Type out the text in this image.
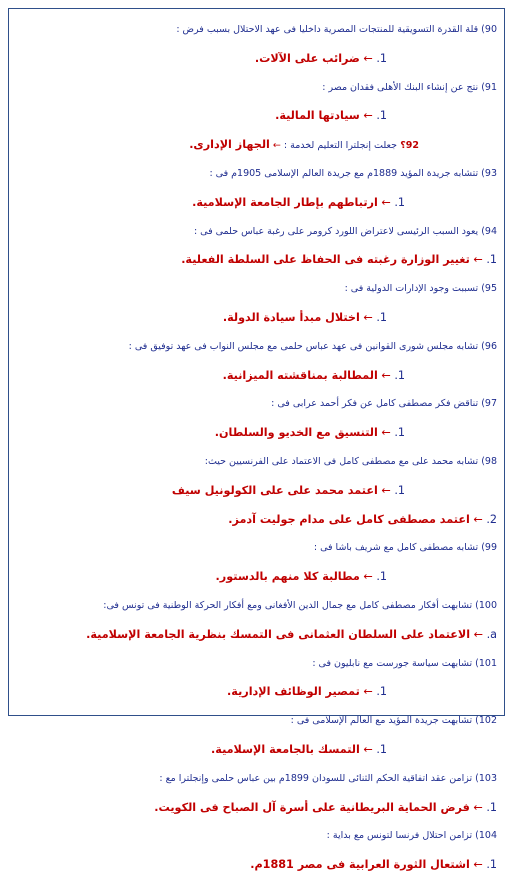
90) قلة القدرة التسويقية للمنتجات المصرية داخليا فى عهد الاحتلال بسبب فرض :
1. ← ضرائب على الآلات.
91) نتج عن إنشاء البنك الأهلى فقدان مصر :
1. ← سيادتها المالية.
92؟ جعلت إنجلترا التعليم لخدمة : ← الجهاز الإدارى.
93) تتشابه جريدة المؤيد 1889م مع جريدة العالم الإسلامى 1905م فى :
1. ← ارتباطهم بإطار الجامعة الإسلامية.
94) يعود السبب الرئيسى لاعتراض اللورد كرومر على رغبة عباس حلمى فى :
1. ← تغيير الوزارة رغبته فى الحفاظ على السلطة الفعلية.
95) تسببت وجود الإدارات الدولية فى :
1. ← اختلال مبدأ سيادة الدولة.
96) تشابه مجلس شورى القوانين فى عهد عباس حلمى مع مجلس النواب فى عهد توفيق فى :
1. ← المطالبة بمناقشته الميزانية.
97) تناقض فكر مصطفى كامل عن فكر أحمد عرابى فى :
1. ← التنسيق مع الخديو والسلطان.
98) تشابه محمد على مع مصطفى كامل فى الاعتماد على الفرنسيين حيث:
1. ← اعتمد محمد على على الكولونيل سيف
2. ← اعتمد مصطفى كامل على مدام جوليت آدمز.
99) تشابه مصطفى كامل مع شريف باشا فى :
1. ← مطالبة كلا منهم بالدستور.
100) تشابهت أفكار مصطفى كامل مع جمال الدين الأفغانى ومع أفكار الحركة الوطنية فى تونس فى:
a. ← الاعتماد على السلطان العثمانى فى التمسك بنظرية الجامعة الإسلامية.
101) تشابهت سياسة جورست مع نابليون فى :
1. ← تمصير الوظائف الإدارية.
102) تشابهت جريدة المؤيد مع العالم الإسلامى فى :
1. ← التمسك بالجامعة الإسلامية.
103) تزامن عقد اتفاقية الحكم الثنائى للسودان 1899م بين عباس حلمى وإنجلترا مع :
1. ← فرض الحماية البريطانية على أسرة آل الصباح فى الكويت.
104) تزامن احتلال فرنسا لتونس مع بداية :
1. ← اشتعال الثورة العرابية فى مصر 1881م.
